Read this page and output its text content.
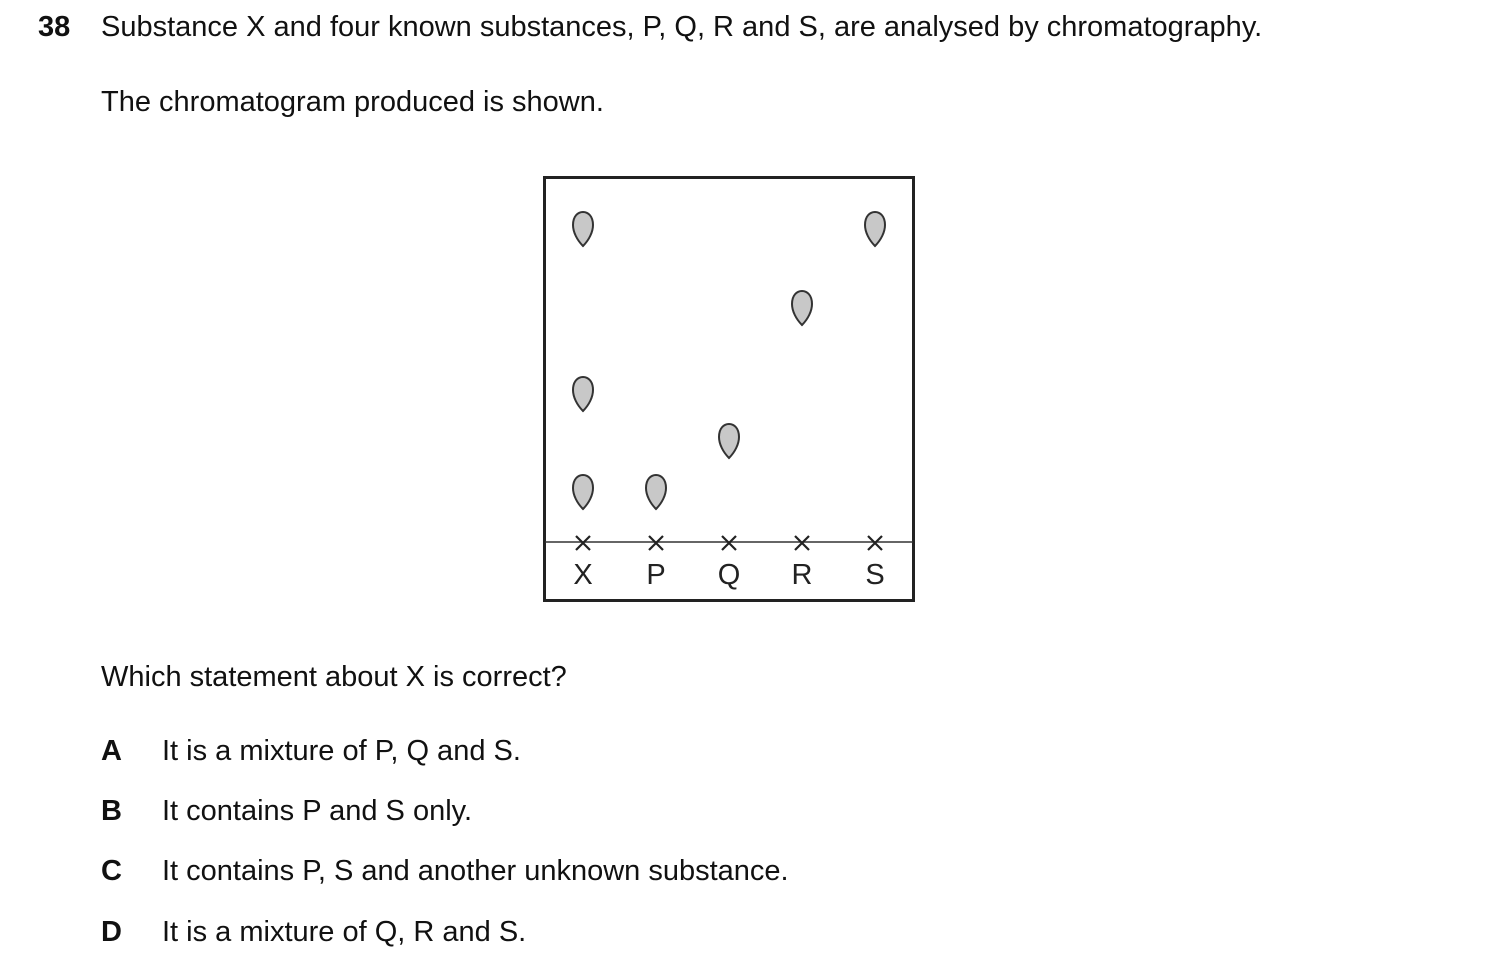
38 Substance X and four known substances, P, Q, R and S, are analysed by chromatography.
The chromatogram produced is shown.
X P Q R S
Which statement about X is correct?
A It is a mixture of P, Q and S.
B It contains P and S only.
C It contains P, S and another unknown substance.
D It is a mixture of Q, R and S.
